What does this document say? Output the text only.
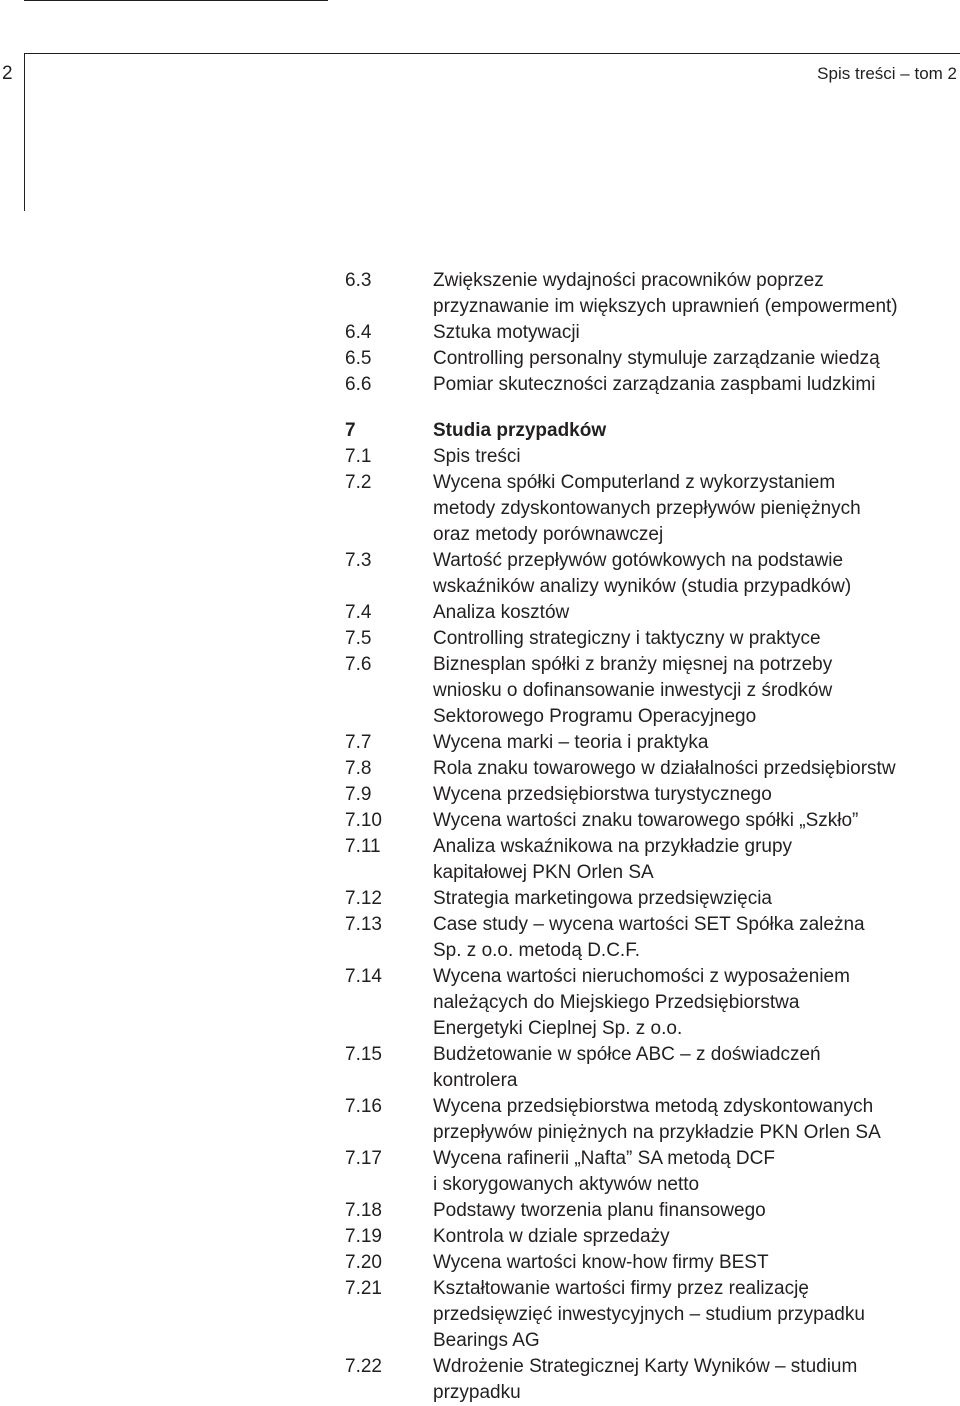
2	Spis treści – tom 2
6.3	Zwiększenie wydajności pracowników poprzez
przyznawanie im większych uprawnień (empowerment)
6.4	Sztuka motywacji
6.5	Controlling personalny stymuluje zarządzanie wiedzą
6.6	Pomiar skuteczności zarządzania zaspbami ludzkimi
7	Studia przypadków
7.1	Spis treści
7.2	Wycena spółki Computerland z wykorzystaniem
metody zdyskontowanych przepływów pieniężnych
oraz metody porównawczej
7.3	Wartość przepływów gotówkowych na podstawie
wskaźników analizy wyników (studia przypadków)
7.4	Analiza kosztów
7.5	Controlling strategiczny i taktyczny w praktyce
7.6	Biznesplan spółki z branży mięsnej na potrzeby
wniosku o dofinansowanie inwestycji z środków
Sektorowego Programu Operacyjnego
7.7	Wycena marki – teoria i praktyka
7.8	Rola znaku towarowego w działalności przedsiębiorstw
7.9	Wycena przedsiębiorstwa turystycznego
7.10	Wycena wartości znaku towarowego spółki „Szkło”
7.11	Analiza wskaźnikowa na przykładzie grupy
kapitałowej PKN Orlen SA
7.12	Strategia marketingowa przedsięwzięcia
7.13	Case study – wycena wartości SET Spółka zależna
Sp. z o.o. metodą D.C.F.
7.14	Wycena wartości nieruchomości z wyposażeniem
należących do Miejskiego Przedsiębiorstwa
Energetyki Cieplnej Sp. z o.o.
7.15	Budżetowanie w spółce ABC – z doświadczeń
kontrolera
7.16	Wycena przedsiębiorstwa metodą zdyskontowanych
przepływów piniężnych na przykładzie PKN Orlen SA
7.17	Wycena rafinerii „Nafta” SA metodą DCF
i skorygowanych aktywów netto
7.18	Podstawy tworzenia planu finansowego
7.19	Kontrola w dziale sprzedaży
7.20	Wycena wartości know-how firmy BEST
7.21	Kształtowanie wartości firmy przez realizację
przedsięwzięć inwestycyjnych – studium przypadku
Bearings AG
7.22	Wdrożenie Strategicznej Karty Wyników – studium
przypadku
